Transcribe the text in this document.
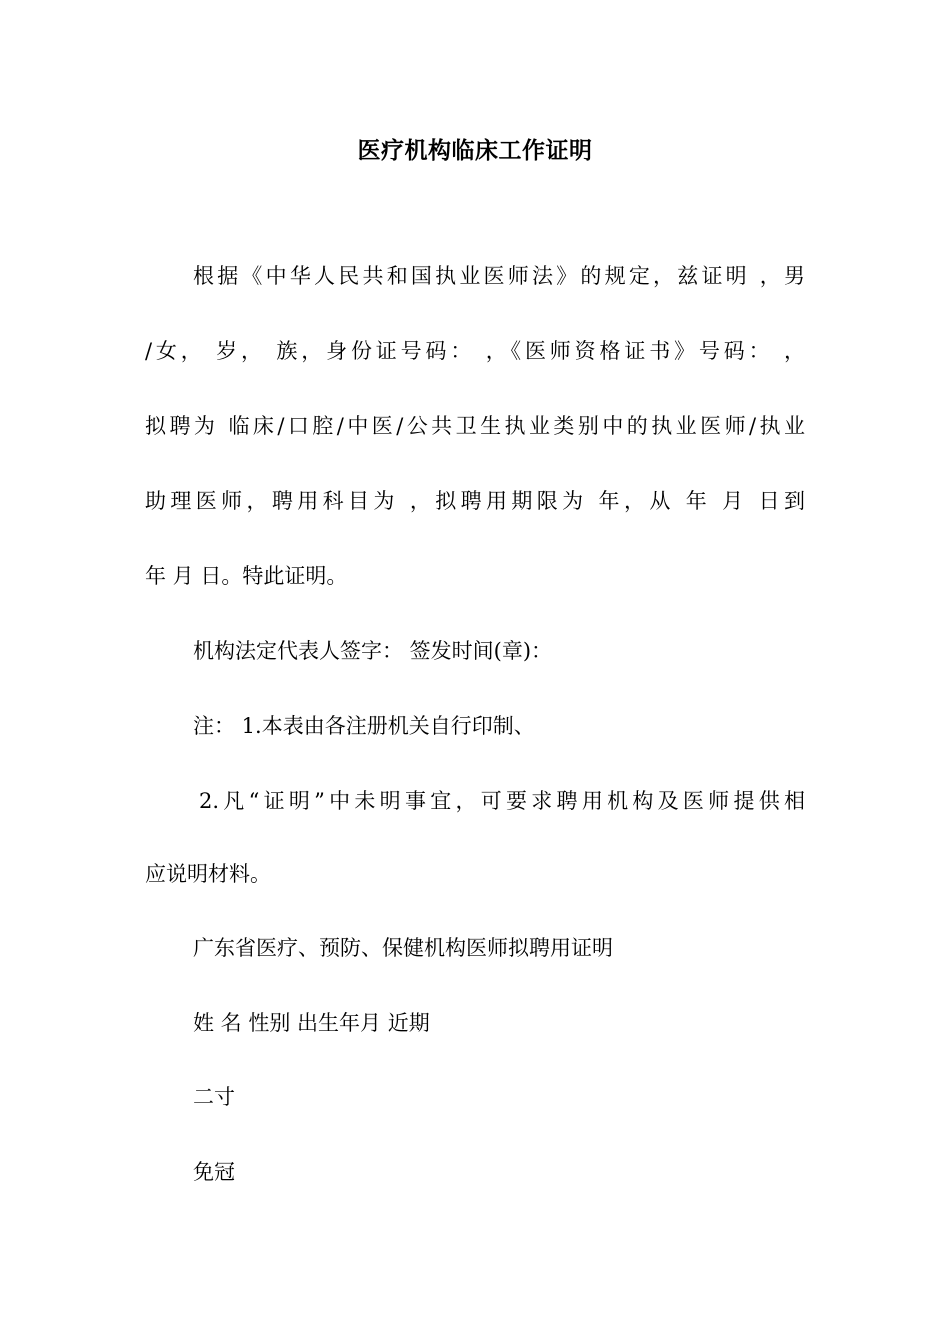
医疗机构临床工作证明
根据《中华人民共和国执业医师法》的规定，兹证明 ，男
/女， 岁， 族，身份证号码： ，《医师资格证书》号码： ，
拟聘为 临床/口腔/中医/公共卫生执业类别中的执业医师/执业
助理医师，聘用科目为 ，拟聘用期限为 年，从 年 月 日到
年 月 日。特此证明。
机构法定代表人签字： 签发时间(章)：
注： 1.本表由各注册机关自行印制、
2.凡“证明”中未明事宜，可要求聘用机构及医师提供相
应说明材料。
广东省医疗、预防、保健机构医师拟聘用证明
姓 名 性别 出生年月 近期
二寸
免冠
